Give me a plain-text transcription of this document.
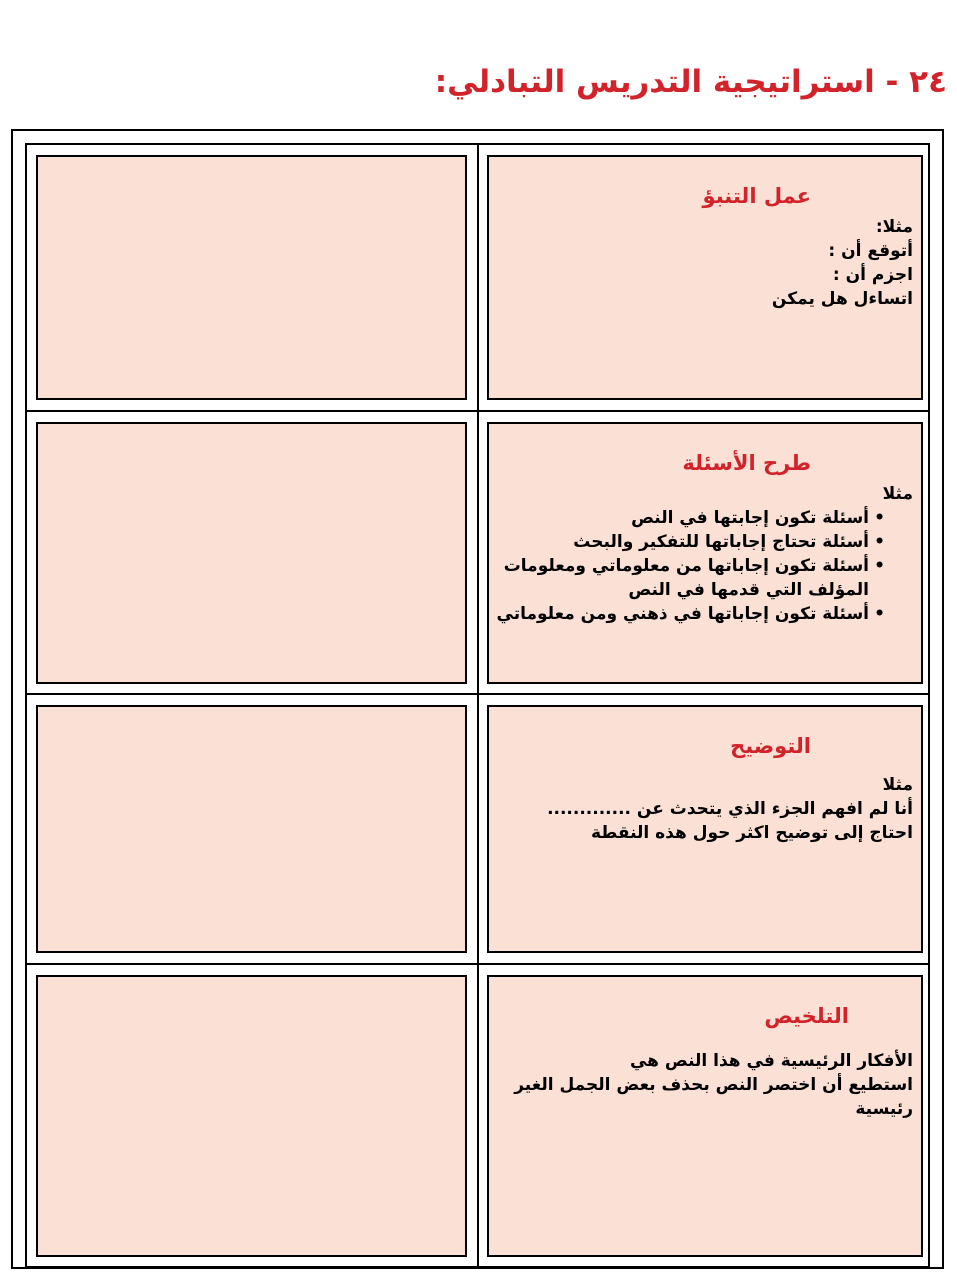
٢٤ - استراتيجية التدريس التبادلي:
عمل التنبؤ
مثلا:
أتوقع أن :
اجزم أن :
اتساءل هل يمكن
طرح الأسئلة
مثلا
•
أسئلة تكون إجابتها في النص
•
أسئلة تحتاج إجاباتها للتفكير والبحث
•
أسئلة تكون إجاباتها من معلوماتي ومعلومات
المؤلف التي قدمها في النص
•
أسئلة تكون إجاباتها في ذهني ومن معلوماتي
التوضيح
مثلا
أنا لم افهم الجزء الذي يتحدث عن .............
احتاج إلى توضيح اكثر حول هذه النقطة
التلخيص
الأفكار الرئيسية في هذا النص هي
استطيع أن اختصر النص بحذف بعض الجمل الغير
رئيسية
